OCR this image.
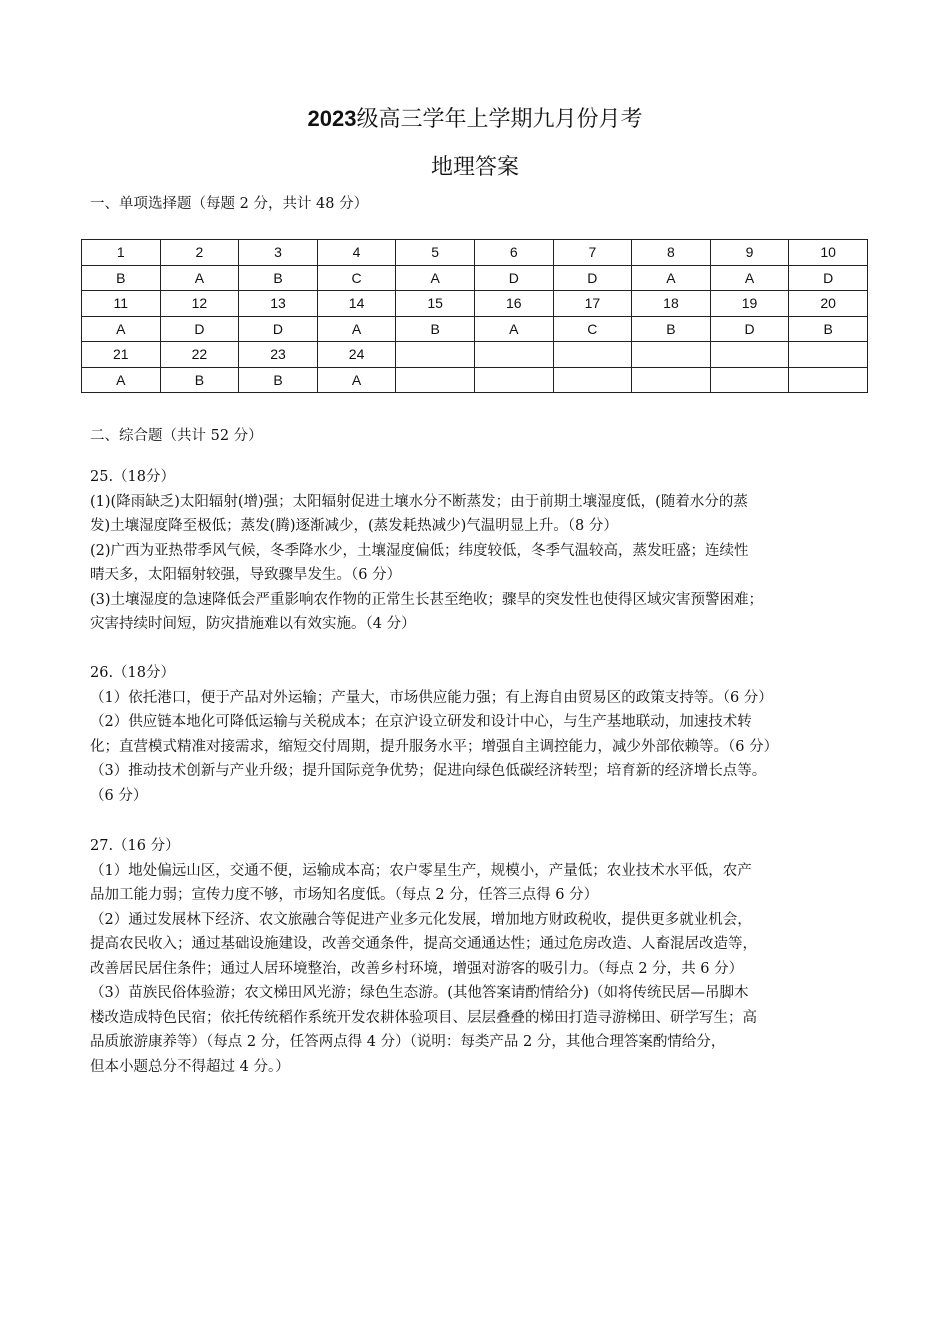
2023级高三学年上学期九月份月考
地理答案
一、单项选择题（每题 2 分，共计 48 分）
1	2	3	4	5	6	7	8	9	10
B	A	B	C	A	D	D	A	A	D
11	12	13	14	15	16	17	18	19	20
A	D	D	A	B	A	C	B	D	B
21	22	23	24						
A	B	B	A						
二、综合题（共计 52 分）

25.（18分）

(1)(降雨缺乏)太阳辐射(增)强；太阳辐射促进土壤水分不断蒸发；由于前期土壤湿度低，(随着水分的蒸

发)土壤湿度降至极低；蒸发(腾)逐渐减少，(蒸发耗热减少)气温明显上升。（8 分）

(2)广西为亚热带季风气候，冬季降水少，土壤湿度偏低；纬度较低，冬季气温较高，蒸发旺盛；连续性

晴天多，太阳辐射较强，导致骤旱发生。（6 分）

(3)土壤湿度的急速降低会严重影响农作物的正常生长甚至绝收；骤旱的突发性也使得区域灾害预警困难；

灾害持续时间短，防灾措施难以有效实施。（4 分）

26.（18分）

（1）依托港口，便于产品对外运输；产量大，市场供应能力强；有上海自由贸易区的政策支持等。（6 分）

（2）供应链本地化可降低运输与关税成本；在京沪设立研发和设计中心，与生产基地联动，加速技术转

化；直营模式精准对接需求，缩短交付周期，提升服务水平；增强自主调控能力，减少外部依赖等。（6 分）

（3）推动技术创新与产业升级；提升国际竞争优势；促进向绿色低碳经济转型；培育新的经济增长点等。

（6 分）

27.（16 分）

（1）地处偏远山区，交通不便，运输成本高；农户零星生产，规模小，产量低；农业技术水平低，农产

品加工能力弱；宣传力度不够，市场知名度低。（每点 2 分，任答三点得 6 分）

（2）通过发展林下经济、农文旅融合等促进产业多元化发展，增加地方财政税收，提供更多就业机会，

提高农民收入；通过基础设施建设，改善交通条件，提高交通通达性；通过危房改造、人畜混居改造等，

改善居民居住条件；通过人居环境整治，改善乡村环境，增强对游客的吸引力。（每点 2 分，共 6 分）

（3）苗族民俗体验游；农文梯田风光游；绿色生态游。(其他答案请酌情给分)（如将传统民居—吊脚木

楼改造成特色民宿；依托传统稻作系统开发农耕体验项目、层层叠叠的梯田打造寻游梯田、研学写生；高

品质旅游康养等）（每点 2 分，任答两点得 4 分）（说明：每类产品 2 分，其他合理答案酌情给分，

但本小题总分不得超过 4 分。）
